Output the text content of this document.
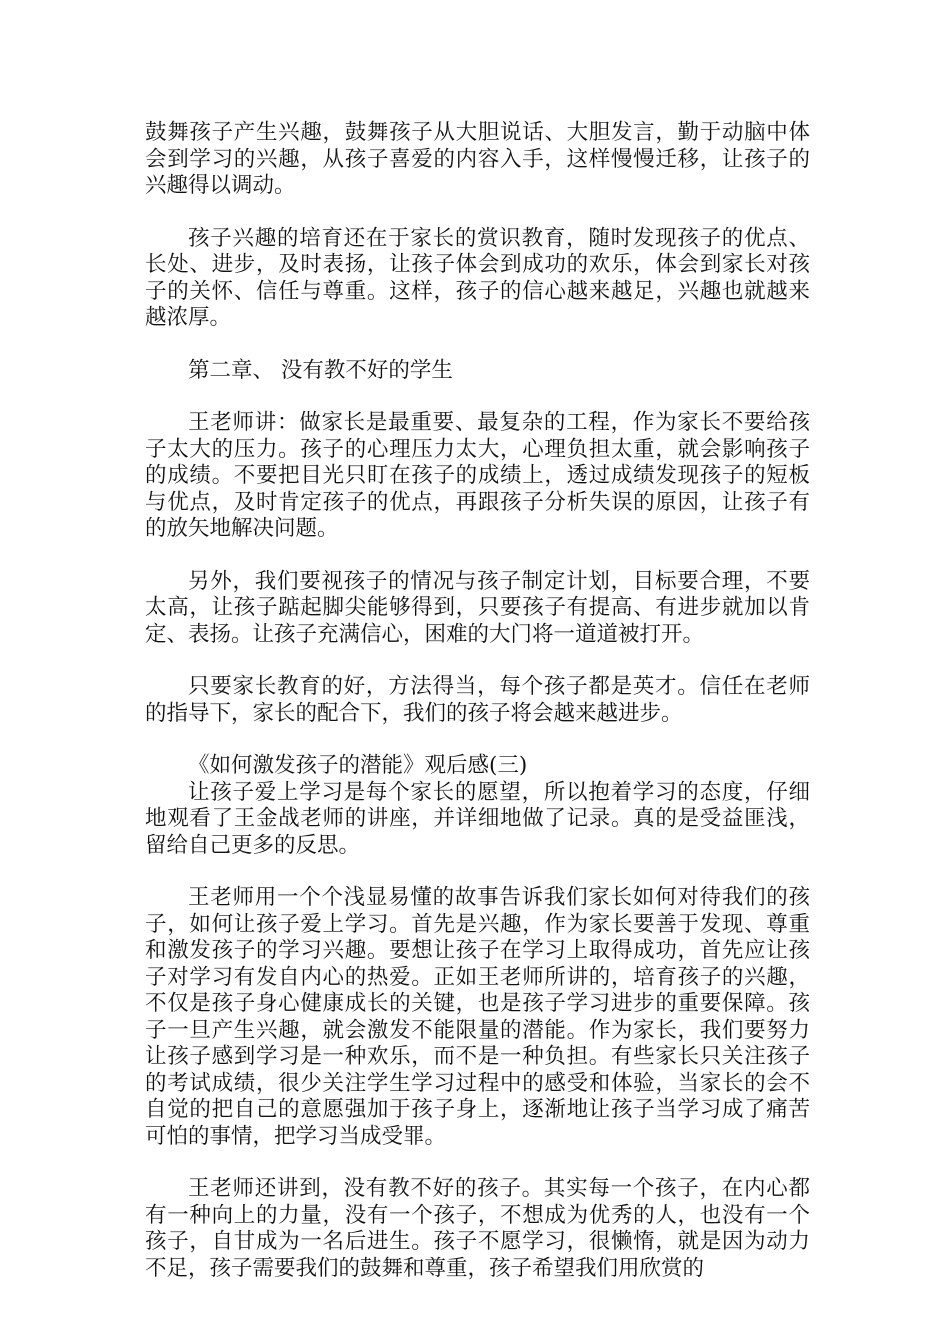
鼓舞孩子产生兴趣，鼓舞孩子从大胆说话、大胆发言，勤于动脑中体会到学习的兴趣，从孩子喜爱的内容入手，这样慢慢迁移，让孩子的兴趣得以调动。

孩子兴趣的培育还在于家长的赏识教育，随时发现孩子的优点、长处、进步，及时表扬，让孩子体会到成功的欢乐，体会到家长对孩子的关怀、信任与尊重。这样，孩子的信心越来越足，兴趣也就越来越浓厚。

第二章、 没有教不好的学生

王老师讲：做家长是最重要、最复杂的工程，作为家长不要给孩子太大的压力。孩子的心理压力太大，心理负担太重，就会影响孩子的成绩。不要把目光只盯在孩子的成绩上，透过成绩发现孩子的短板与优点，及时肯定孩子的优点，再跟孩子分析失误的原因，让孩子有的放矢地解决问题。

另外，我们要视孩子的情况与孩子制定计划，目标要合理，不要太高，让孩子踮起脚尖能够得到，只要孩子有提高、有进步就加以肯定、表扬。让孩子充满信心，困难的大门将一道道被打开。

只要家长教育的好，方法得当，每个孩子都是英才。信任在老师的指导下，家长的配合下，我们的孩子将会越来越进步。

《如何激发孩子的潜能》观后感(三)

让孩子爱上学习是每个家长的愿望，所以抱着学习的态度，仔细地观看了王金战老师的讲座，并详细地做了记录。真的是受益匪浅，留给自己更多的反思。

王老师用一个个浅显易懂的故事告诉我们家长如何对待我们的孩子，如何让孩子爱上学习。首先是兴趣，作为家长要善于发现、尊重和激发孩子的学习兴趣。要想让孩子在学习上取得成功，首先应让孩子对学习有发自内心的热爱。正如王老师所讲的，培育孩子的兴趣，不仅是孩子身心健康成长的关键，也是孩子学习进步的重要保障。孩子一旦产生兴趣，就会激发不能限量的潜能。作为家长，我们要努力让孩子感到学习是一种欢乐，而不是一种负担。有些家长只关注孩子的考试成绩，很少关注学生学习过程中的感受和体验，当家长的会不自觉的把自己的意愿强加于孩子身上，逐渐地让孩子当学习成了痛苦可怕的事情，把学习当成受罪。

王老师还讲到，没有教不好的孩子。其实每一个孩子，在内心都有一种向上的力量，没有一个孩子，不想成为优秀的人，也没有一个孩子，自甘成为一名后进生。孩子不愿学习，很懒惰，就是因为动力不足，孩子需要我们的鼓舞和尊重，孩子希望我们用欣赏的
